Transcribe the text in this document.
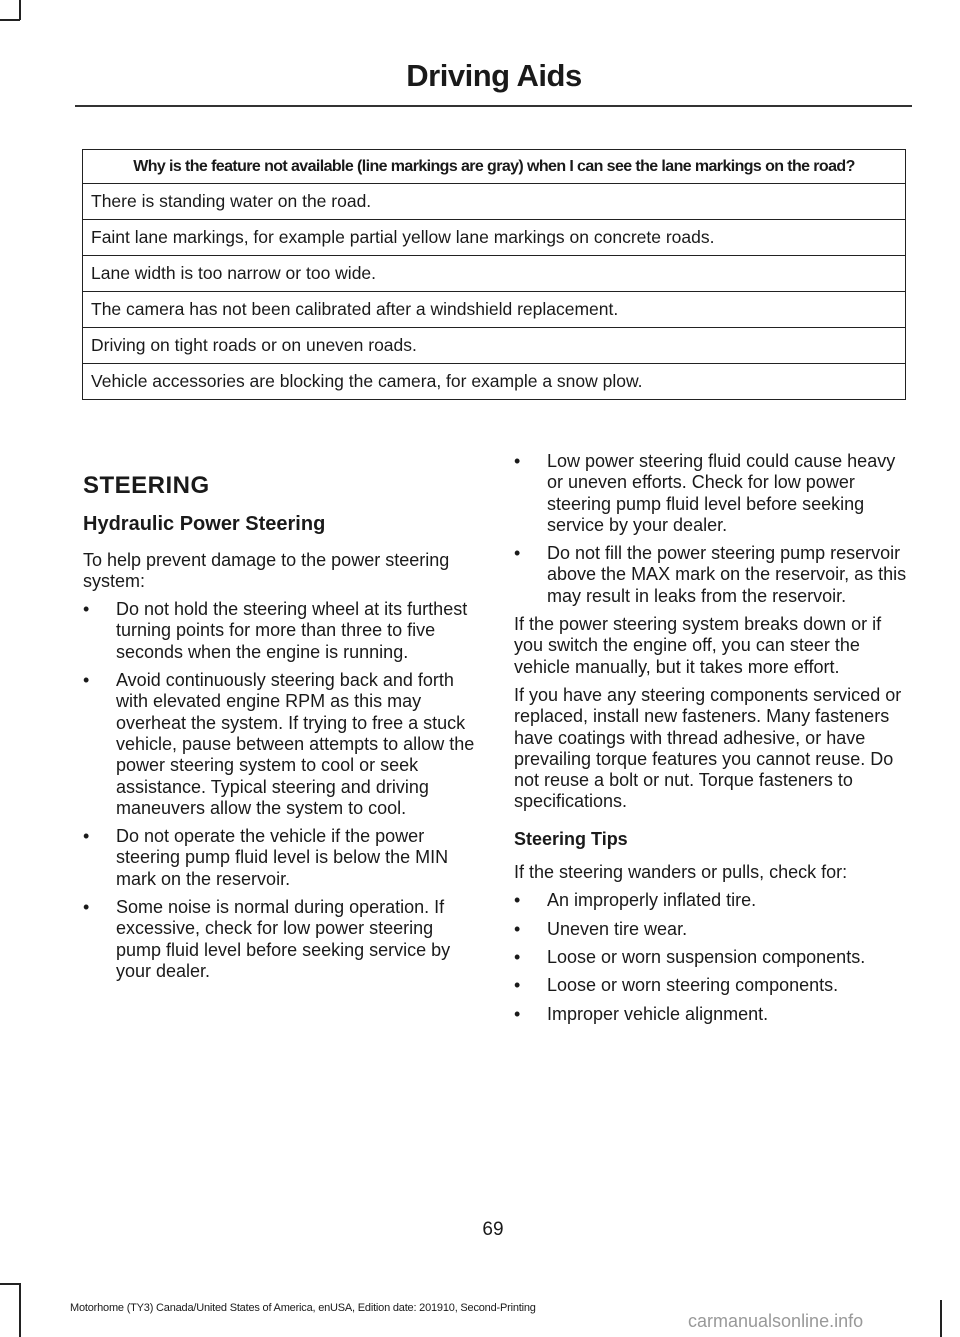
Driving Aids
Why is the feature not available (line markings are gray) when I can see the lane markings on the road?
There is standing water on the road.
Faint lane markings, for example partial yellow lane markings on concrete roads.
Lane width is too narrow or too wide.
The camera has not been calibrated after a windshield replacement.
Driving on tight roads or on uneven roads.
Vehicle accessories are blocking the camera, for example a snow plow.
STEERING
Hydraulic Power Steering

To help prevent damage to the power steering system:

• Do not hold the steering wheel at its furthest turning points for more than three to five seconds when the engine is running.
• Avoid continuously steering back and forth with elevated engine RPM as this may overheat the system. If trying to free a stuck vehicle, pause between attempts to allow the power steering system to cool or seek assistance. Typical steering and driving maneuvers allow the system to cool.
• Do not operate the vehicle if the power steering pump fluid level is below the MIN mark on the reservoir.
• Some noise is normal during operation. If excessive, check for low power steering pump fluid level before seeking service by your dealer.
• Low power steering fluid could cause heavy or uneven efforts. Check for low power steering pump fluid level before seeking service by your dealer.
• Do not fill the power steering pump reservoir above the MAX mark on the reservoir, as this may result in leaks from the reservoir.

If the power steering system breaks down or if you switch the engine off, you can steer the vehicle manually, but it takes more effort.

If you have any steering components serviced or replaced, install new fasteners. Many fasteners have coatings with thread adhesive, or have prevailing torque features you cannot reuse. Do not reuse a bolt or nut. Torque fasteners to specifications.

Steering Tips

If the steering wanders or pulls, check for:

• An improperly inflated tire.
• Uneven tire wear.
• Loose or worn suspension components.
• Loose or worn steering components.
• Improper vehicle alignment.
69
Motorhome (TY3) Canada/United States of America, enUSA, Edition date: 201910, Second-Printing
carmanualsonline.info
